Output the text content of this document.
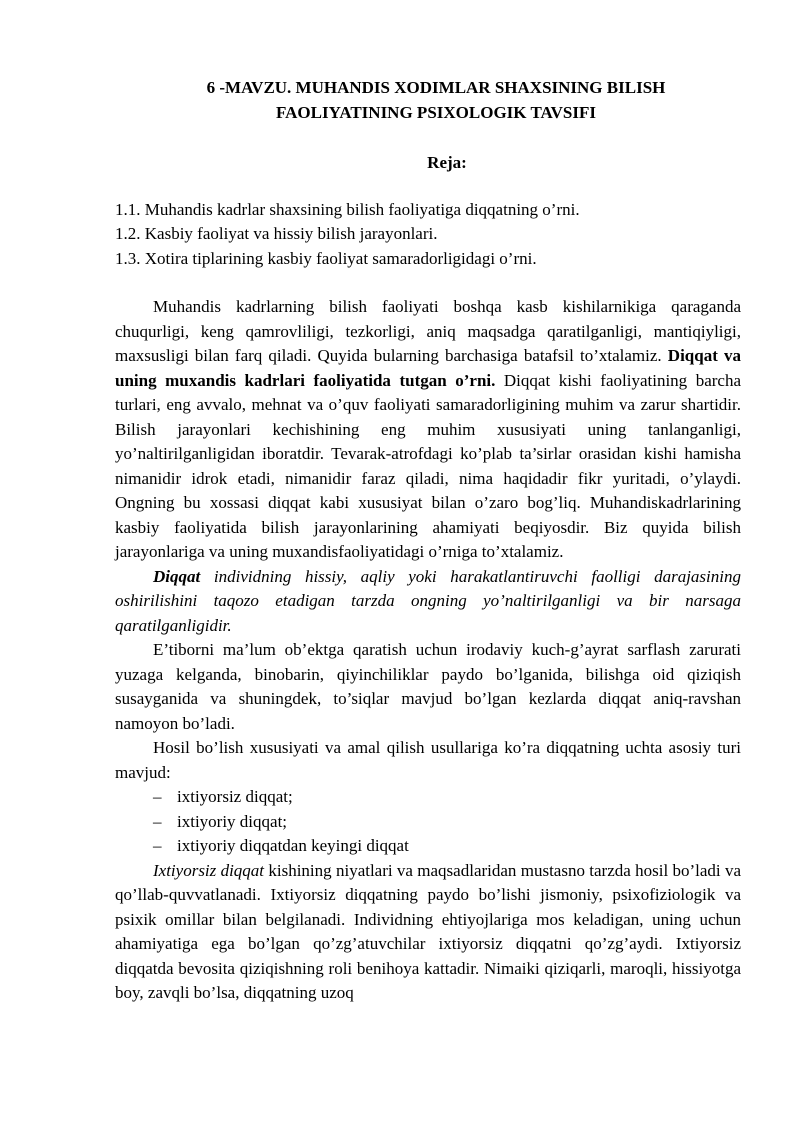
6 -MAVZU. MUHANDIS XODIMLAR SHAXSINING BILISH
FAOLIYATINING PSIXOLOGIK TAVSIFI

Reja:

1.1. Muhandis kadrlar shaxsining bilish faoliyatiga diqqatning o’rni.

1.2. Kasbiy faoliyat va hissiy bilish jarayonlari.

1.3. Xotira tiplarining kasbiy faoliyat samaradorligidagi o’rni.

Muhandis kadrlarning bilish faoliyati boshqa kasb kishilarnikiga qaraganda chuqurligi, keng qamrovliligi, tezkorligi, aniq maqsadga qaratilganligi, mantiqiyligi, maxsusligi bilan farq qiladi. Quyida bularning barchasiga batafsil to’xtalamiz. Diqqat va uning muxandis kadrlari faoliyatida tutgan o’rni. Diqqat kishi faoliyatining barcha turlari, eng avvalo, mehnat va o’quv faoliyati samaradorligining muhim va zarur shartidir. Bilish jarayonlari kechishining eng muhim xususiyati uning tanlanganligi, yo’naltirilganligidan iboratdir. Tevarak-atrofdagi ko’plab ta’sirlar orasidan kishi hamisha nimanidir idrok etadi, nimanidir faraz qiladi, nima haqidadir fikr yuritadi, o’ylaydi. Ongning bu xossasi diqqat kabi xususiyat bilan o’zaro bog’liq. Muhandiskadrlarining kasbiy faoliyatida bilish jarayonlarining ahamiyati beqiyosdir. Biz quyida bilish jarayonlariga va uning muxandisfaoliyatidagi o’rniga to’xtalamiz.

Diqqat individning hissiy, aqliy yoki harakatlantiruvchi faolligi darajasining oshirilishini taqozo etadigan tarzda ongning yo’naltirilganligi va bir narsaga qaratilganligidir.

E’tiborni ma’lum ob’ektga qaratish uchun irodaviy kuch-g’ayrat sarflash zarurati yuzaga kelganda, binobarin, qiyinchiliklar paydo bo’lganida, bilishga oid qiziqish susayganida va shuningdek, to’siqlar mavjud bo’lgan kezlarda diqqat aniq-ravshan namoyon bo’ladi.

Hosil bo’lish xususiyati va amal qilish usullariga ko’ra diqqatning uchta asosiy turi mavjud:

– ixtiyorsiz diqqat;
– ixtiyoriy diqqat;
– ixtiyoriy diqqatdan keyingi diqqat

Ixtiyorsiz diqqat kishining niyatlari va maqsadlaridan mustasno tarzda hosil bo’ladi va qo’llab-quvvatlanadi. Ixtiyorsiz diqqatning paydo bo’lishi jismoniy, psixofiziologik va psixik omillar bilan belgilanadi. Individning ehtiyojlariga mos keladigan, uning uchun ahamiyatiga ega bo’lgan qo’zg’atuvchilar ixtiyorsiz diqqatni qo’zg’aydi. Ixtiyorsiz diqqatda bevosita qiziqishning roli benihoya kattadir. Nimaiki qiziqarli, maroqli, hissiyotga boy, zavqli bo’lsa, diqqatning uzoq
